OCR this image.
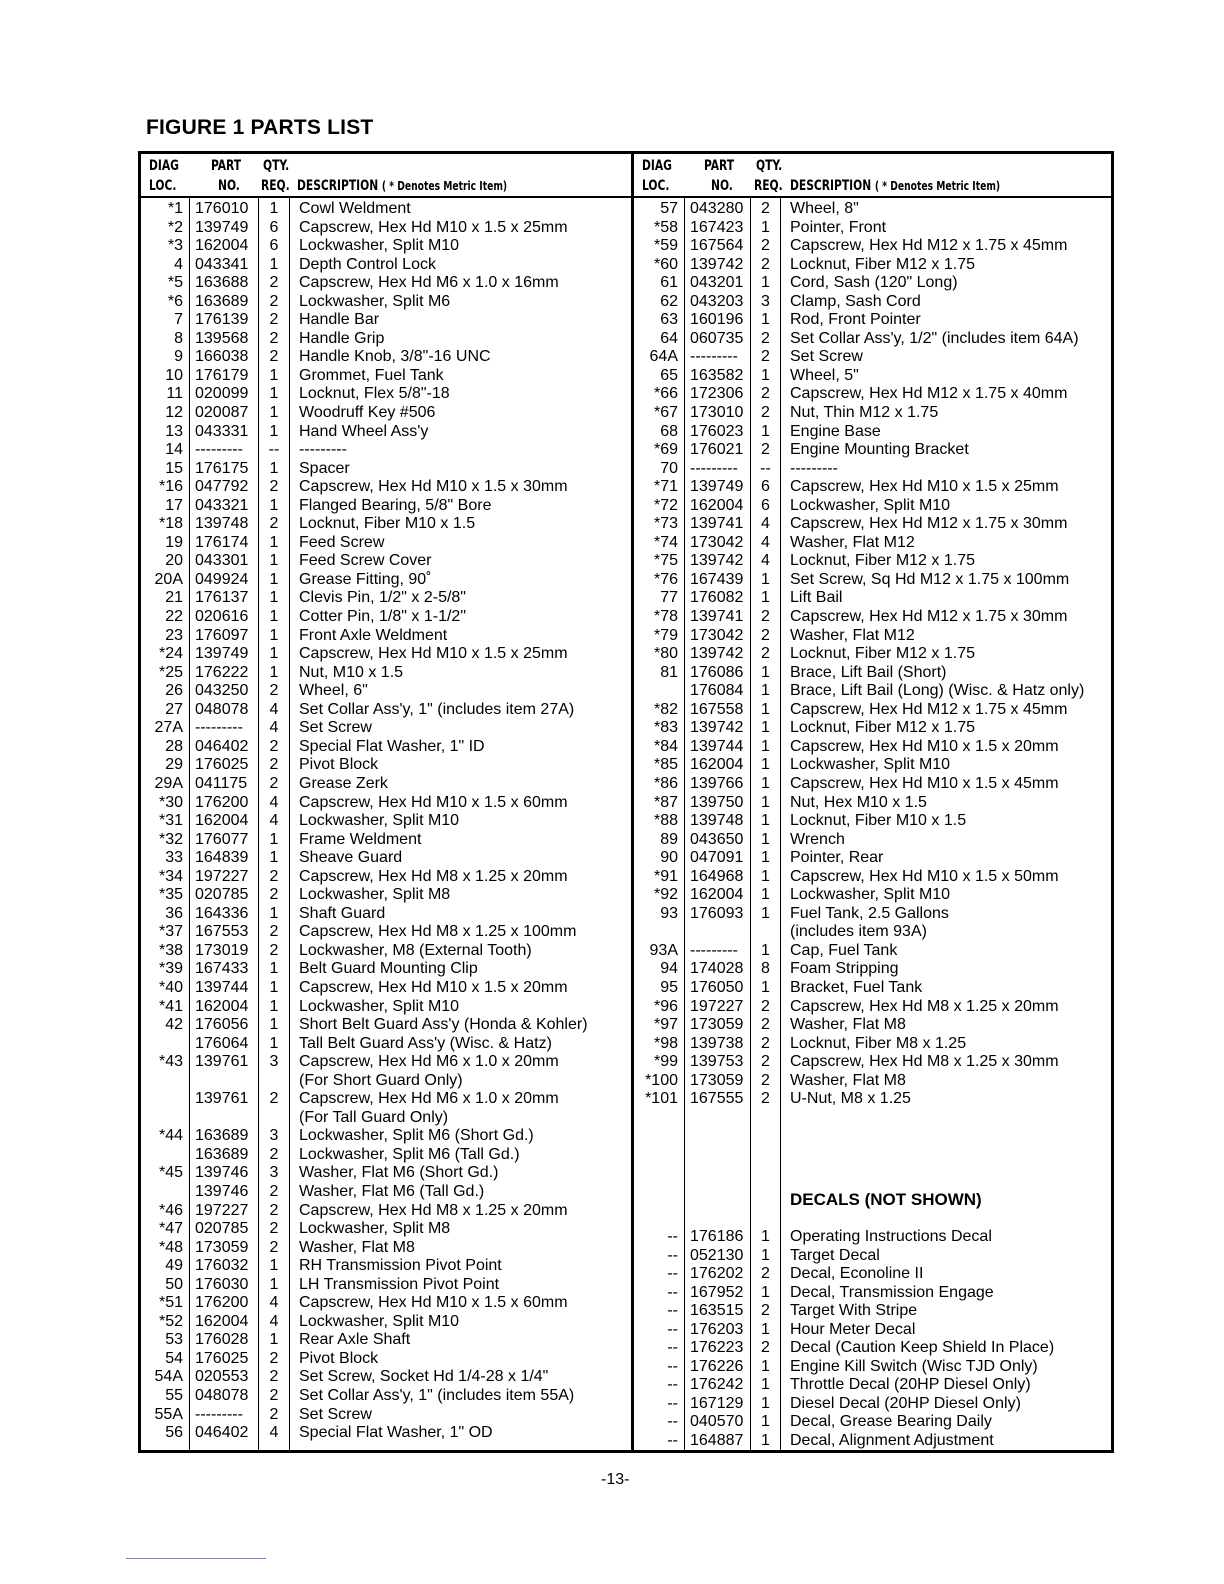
FIGURE 1 PARTS LIST
DIAG PART QTY.
LOC.	NO. REQ. DESCRIPTION ( * Denotes Metric Item)
*1 176010	1	Cowl Weldment
*2 139749	6	Capscrew, Hex Hd M10 x 1.5 x 25mm
*3 162004	6	Lockwasher, Split M10
4 043341	1	Depth Control Lock
*5 163688	2	Capscrew, Hex Hd M6 x 1.0 x 16mm
*6 163689	2	Lockwasher, Split M6
7 176139	2	Handle Bar
8 139568	2	Handle Grip
9 166038	2	Handle Knob, 3/8"-16 UNC
10 176179	1	Grommet, Fuel Tank
11 020099	1	Locknut, Flex 5/8"-18
12 020087	1	Woodruff Key #506
13 043331	1	Hand Wheel Ass'y
14 ---------	--	---------
15 176175	1	Spacer
*16 047792	2	Capscrew, Hex Hd M10 x 1.5 x 30mm
17 043321	1	Flanged Bearing, 5/8" Bore
*18 139748	2	Locknut, Fiber M10 x 1.5
19 176174	1	Feed Screw
20 043301	1	Feed Screw Cover
20A 049924	1	Grease Fitting, 90˚
21 176137	1	Clevis Pin, 1/2" x 2-5/8"
22 020616	1	Cotter Pin, 1/8" x 1-1/2"
23 176097	1	Front Axle Weldment
*24 139749	1	Capscrew, Hex Hd M10 x 1.5 x 25mm
*25 176222	1	Nut, M10 x 1.5
26 043250	2	Wheel, 6"
27 048078	4	Set Collar Ass'y, 1" (includes item 27A)
27A ---------	4	Set Screw
28 046402	2	Special Flat Washer, 1" ID
29 176025	2	Pivot Block
29A 041175	2	Grease Zerk
*30 176200	4	Capscrew, Hex Hd M10 x 1.5 x 60mm
*31 162004	4	Lockwasher, Split M10
*32 176077	1	Frame Weldment
33 164839	1	Sheave Guard
*34 197227	2	Capscrew, Hex Hd M8 x 1.25 x 20mm
*35 020785	2	Lockwasher, Split M8
36 164336	1	Shaft Guard
*37 167553	2	Capscrew, Hex Hd M8 x 1.25 x 100mm
*38 173019	2	Lockwasher, M8 (External Tooth)
*39 167433	1	Belt Guard Mounting Clip
*40 139744	1	Capscrew, Hex Hd M10 x 1.5 x 20mm
*41 162004	1	Lockwasher, Split M10
42 176056	1	Short Belt Guard Ass'y (Honda & Kohler)
176064	1	Tall Belt Guard Ass'y (Wisc. & Hatz)
*43 139761	3	Capscrew, Hex Hd M6 x 1.0 x 20mm
(For Short Guard Only)
139761	2	Capscrew, Hex Hd M6 x 1.0 x 20mm
(For Tall Guard Only)
*44 163689	3	Lockwasher, Split M6 (Short Gd.)
163689	2	Lockwasher, Split M6 (Tall Gd.)
*45 139746	3	Washer, Flat M6 (Short Gd.)
139746	2	Washer, Flat M6 (Tall Gd.)
*46 197227	2	Capscrew, Hex Hd M8 x 1.25 x 20mm
*47 020785	2	Lockwasher, Split M8
*48 173059	2	Washer, Flat M8
49 176032	1	RH Transmission Pivot Point
50 176030	1	LH Transmission Pivot Point
*51 176200	4	Capscrew, Hex Hd M10 x 1.5 x 60mm
*52 162004	4	Lockwasher, Split M10
53 176028	1	Rear Axle Shaft
54 176025	2	Pivot Block
54A 020553	2	Set Screw, Socket Hd 1/4-28 x 1/4"
55 048078	2	Set Collar Ass'y, 1" (includes item 55A)
55A ---------	2	Set Screw
56 046402	4	Special Flat Washer, 1" OD
DIAG PART QTY.
LOC.	NO. REQ. DESCRIPTION ( * Denotes Metric Item)
57 043280	2	Wheel, 8"
*58 167423	1	Pointer, Front
*59 167564	2	Capscrew, Hex Hd M12 x 1.75 x 45mm
*60 139742	2	Locknut, Fiber M12 x 1.75
61 043201	1	Cord, Sash (120" Long)
62 043203	3	Clamp, Sash Cord
63 160196	1	Rod, Front Pointer
64 060735	2	Set Collar Ass'y, 1/2" (includes item 64A)
64A ---------	2	Set Screw
65 163582	1	Wheel, 5"
*66 172306	2	Capscrew, Hex Hd M12 x 1.75 x 40mm
*67 173010	2	Nut, Thin M12 x 1.75
68 176023	1	Engine Base
*69 176021	2	Engine Mounting Bracket
70 ---------	--	---------
*71 139749	6	Capscrew, Hex Hd M10 x 1.5 x 25mm
*72 162004	6	Lockwasher, Split M10
*73 139741	4	Capscrew, Hex Hd M12 x 1.75 x 30mm
*74 173042	4	Washer, Flat M12
*75 139742	4	Locknut, Fiber M12 x 1.75
*76 167439	1	Set Screw, Sq Hd M12 x 1.75 x 100mm
77 176082	1	Lift Bail
*78 139741	2	Capscrew, Hex Hd M12 x 1.75 x 30mm
*79 173042	2	Washer, Flat M12
*80 139742	2	Locknut, Fiber M12 x 1.75
81 176086	1	Brace, Lift Bail (Short)
176084	1	Brace, Lift Bail (Long) (Wisc. & Hatz only)
*82 167558	1	Capscrew, Hex Hd M12 x 1.75 x 45mm
*83 139742	1	Locknut, Fiber M12 x 1.75
*84 139744	1	Capscrew, Hex Hd M10 x 1.5 x 20mm
*85 162004	1	Lockwasher, Split M10
*86 139766	1	Capscrew, Hex Hd M10 x 1.5 x 45mm
*87 139750	1	Nut, Hex M10 x 1.5
*88 139748	1	Locknut, Fiber M10 x 1.5
89 043650	1	Wrench
90 047091	1	Pointer, Rear
*91 164968	1	Capscrew, Hex Hd M10 x 1.5 x 50mm
*92 162004	1	Lockwasher, Split M10
93 176093	1	Fuel Tank, 2.5 Gallons
(includes item 93A)
93A ---------	1	Cap, Fuel Tank
94 174028	8	Foam Stripping
95 176050	1	Bracket, Fuel Tank
*96 197227	2	Capscrew, Hex Hd M8 x 1.25 x 20mm
*97 173059	2	Washer, Flat M8
*98 139738	2	Locknut, Fiber M8 x 1.25
*99 139753	2	Capscrew, Hex Hd M8 x 1.25 x 30mm
*100 173059	2	Washer, Flat M8
*101 167555	2	U-Nut, M8 x 1.25
DECALS (NOT SHOWN)
-- 176186	1	Operating Instructions Decal
-- 052130	1	Target Decal
-- 176202	2	Decal, Econoline II
-- 167952	1	Decal, Transmission Engage
-- 163515	2	Target With Stripe
-- 176203	1	Hour Meter Decal
-- 176223	2	Decal (Caution Keep Shield In Place)
-- 176226	1	Engine Kill Switch (Wisc TJD Only)
-- 176242	1	Throttle Decal (20HP Diesel Only)
-- 167129	1	Diesel Decal (20HP Diesel Only)
-- 040570	1	Decal, Grease Bearing Daily
-- 164887	1	Decal, Alignment Adjustment
-13-
